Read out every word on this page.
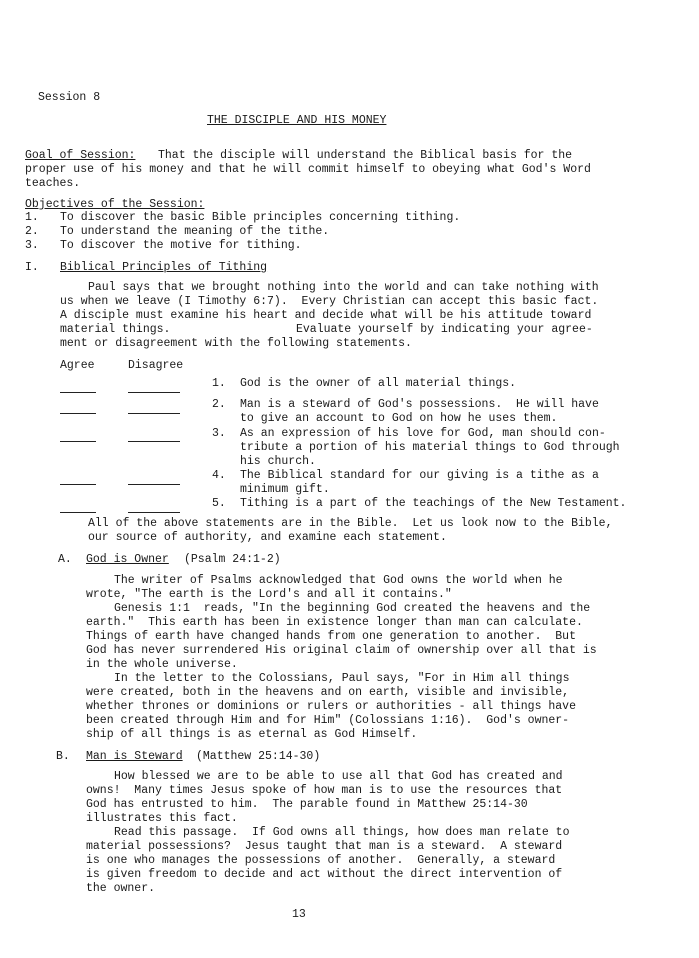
Session 8
THE DISCIPLE AND HIS MONEY
Goal of Session: That the disciple will understand the Biblical basis for the
proper use of his money and that he will commit himself to obeying what God's Word
teaches.
Objectives of the Session:
1. To discover the basic Bible principles concerning tithing.
2. To understand the meaning of the tithe.
3. To discover the motive for tithing.
I. Biblical Principles of Tithing
Paul says that we brought nothing into the world and can take nothing with
us when we leave (I Timothy 6:7).  Every Christian can accept this basic fact.
A disciple must examine his heart and decide what will be his attitude toward
material things.	Evaluate yourself by indicating your agree-
ment or disagreement with the following statements.
Agree	Disagree
1. God is the owner of all material things.
2. Man is a steward of God's possessions.  He will have
to give an account to God on how he uses them.
3. As an expression of his love for God, man should con-
tribute a portion of his material things to God through
his church.
4. The Biblical standard for our giving is a tithe as a
minimum gift.
5. Tithing is a part of the teachings of the New Testament.
All of the above statements are in the Bible.  Let us look now to the Bible,
our source of authority, and examine each statement.
A. God is Owner (Psalm 24:1-2)
The writer of Psalms acknowledged that God owns the world when he
wrote, "The earth is the Lord's and all it contains."
Genesis 1:1  reads, "In the beginning God created the heavens and the
earth."  This earth has been in existence longer than man can calculate.
Things of earth have changed hands from one generation to another.  But
God has never surrendered His original claim of ownership over all that is
in the whole universe.
In the letter to the Colossians, Paul says, "For in Him all things
were created, both in the heavens and on earth, visible and invisible,
whether thrones or dominions or rulers or authorities - all things have
been created through Him and for Him" (Colossians 1:16).  God's owner-
ship of all things is as eternal as God Himself.
B. Man is Steward (Matthew 25:14-30)
How blessed we are to be able to use all that God has created and
owns!  Many times Jesus spoke of how man is to use the resources that
God has entrusted to him.  The parable found in Matthew 25:14-30
illustrates this fact.
Read this passage.  If God owns all things, how does man relate to
material possessions?  Jesus taught that man is a steward.  A steward
is one who manages the possessions of another.  Generally, a steward
is given freedom to decide and act without the direct intervention of
the owner.
13
